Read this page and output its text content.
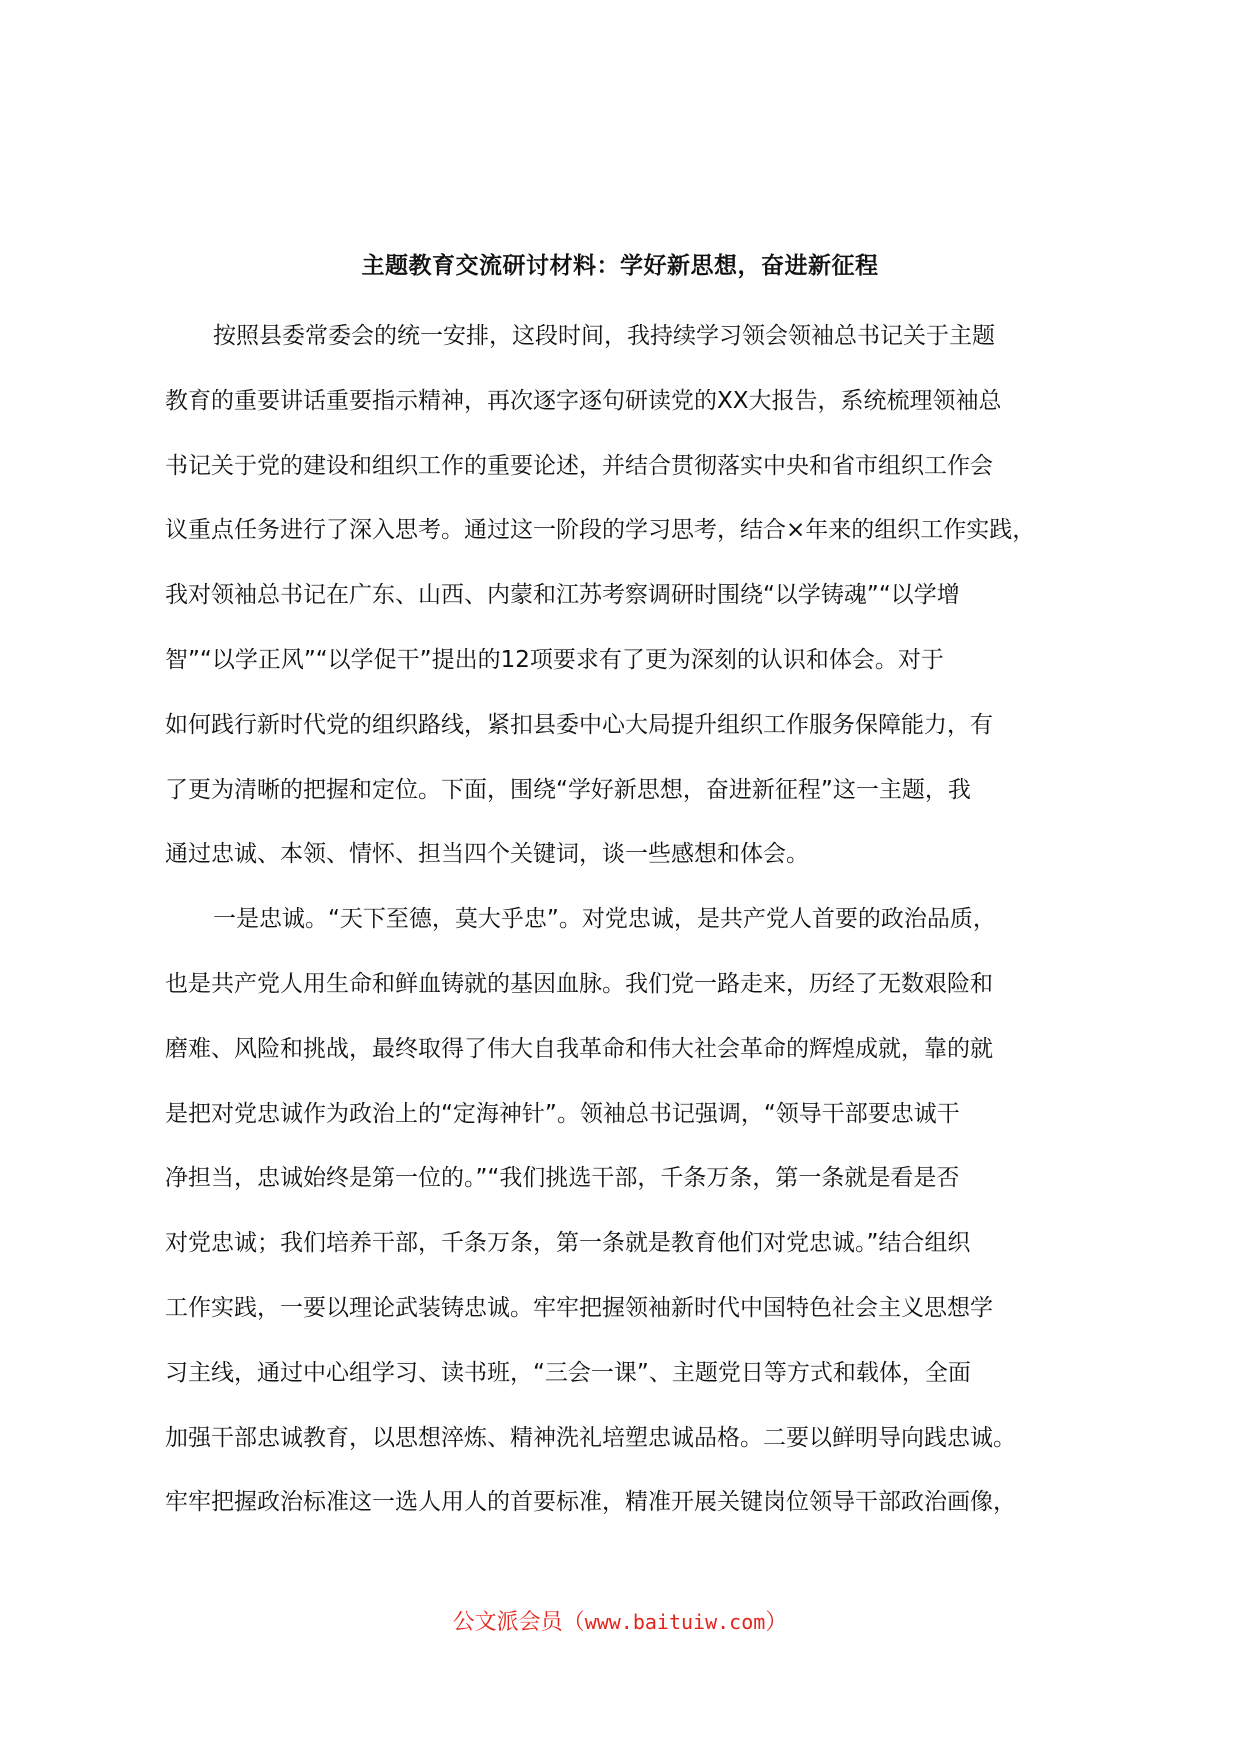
主题教育交流研讨材料：学好新思想，奋进新征程
按照县委常委会的统一安排，这段时间，我持续学习领会领袖总书记关于主题
教育的重要讲话重要指示精神，再次逐字逐句研读党的XX大报告，系统梳理领袖总
书记关于党的建设和组织工作的重要论述，并结合贯彻落实中央和省市组织工作会
议重点任务进行了深入思考。通过这一阶段的学习思考，结合×年来的组织工作实践，
我对领袖总书记在广东、山西、内蒙和江苏考察调研时围绕“以学铸魂”“以学增
智”“以学正风”“以学促干”提出的12项要求有了更为深刻的认识和体会。对于
如何践行新时代党的组织路线，紧扣县委中心大局提升组织工作服务保障能力，有
了更为清晰的把握和定位。下面，围绕“学好新思想，奋进新征程”这一主题，我
通过忠诚、本领、情怀、担当四个关键词，谈一些感想和体会。
一是忠诚。“天下至德，莫大乎忠”。对党忠诚，是共产党人首要的政治品质，
也是共产党人用生命和鲜血铸就的基因血脉。我们党一路走来，历经了无数艰险和
磨难、风险和挑战，最终取得了伟大自我革命和伟大社会革命的辉煌成就，靠的就
是把对党忠诚作为政治上的“定海神针”。领袖总书记强调，“领导干部要忠诚干
净担当，忠诚始终是第一位的。”“我们挑选干部，千条万条，第一条就是看是否
对党忠诚；我们培养干部，千条万条，第一条就是教育他们对党忠诚。”结合组织
工作实践，一要以理论武装铸忠诚。牢牢把握领袖新时代中国特色社会主义思想学
习主线，通过中心组学习、读书班，“三会一课”、主题党日等方式和载体，全面
加强干部忠诚教育，以思想淬炼、精神洗礼培塑忠诚品格。二要以鲜明导向践忠诚。
牢牢把握政治标准这一选人用人的首要标准，精准开展关键岗位领导干部政治画像，
公文派会员（www.baituiw.com）
